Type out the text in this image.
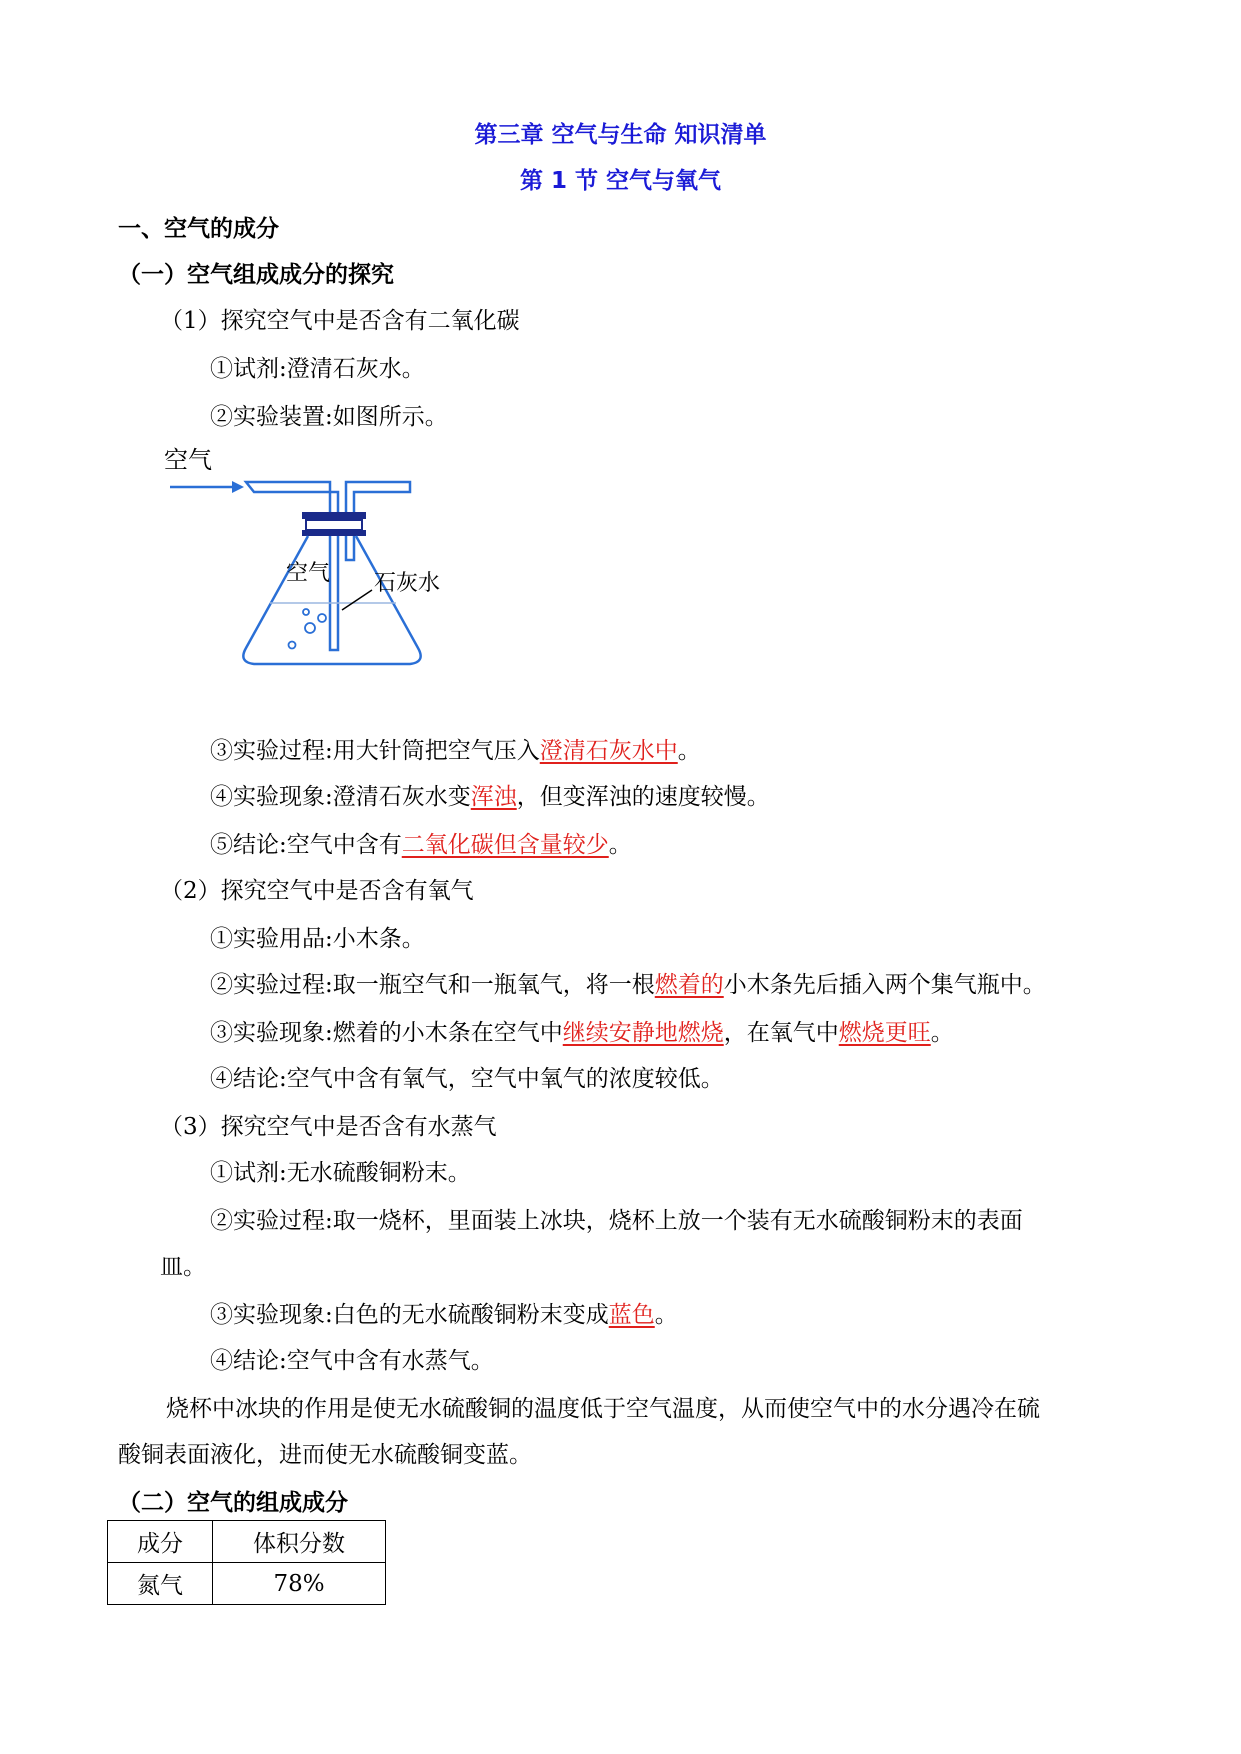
第三章 空气与生命 知识清单
第 1 节 空气与氧气
一、空气的成分
（一）空气组成成分的探究
（1）探究空气中是否含有二氧化碳
①试剂:澄清石灰水。
②实验装置:如图所示。
空气
空气 石灰水
③实验过程:用大针筒把空气压入澄清石灰水中。
④实验现象:澄清石灰水变浑浊，但变浑浊的速度较慢。
⑤结论:空气中含有二氧化碳但含量较少。
（2）探究空气中是否含有氧气
①实验用品:小木条。
②实验过程:取一瓶空气和一瓶氧气，将一根燃着的小木条先后插入两个集气瓶中。
③实验现象:燃着的小木条在空气中继续安静地燃烧，在氧气中燃烧更旺。
④结论:空气中含有氧气，空气中氧气的浓度较低。
（3）探究空气中是否含有水蒸气
①试剂:无水硫酸铜粉末。
②实验过程:取一烧杯，里面装上冰块，烧杯上放一个装有无水硫酸铜粉末的表面
皿。
③实验现象:白色的无水硫酸铜粉末变成蓝色。
④结论:空气中含有水蒸气。
烧杯中冰块的作用是使无水硫酸铜的温度低于空气温度，从而使空气中的水分遇冷在硫
酸铜表面液化，进而使无水硫酸铜变蓝。
（二）空气的组成成分
成分	体积分数
氮气	78%
